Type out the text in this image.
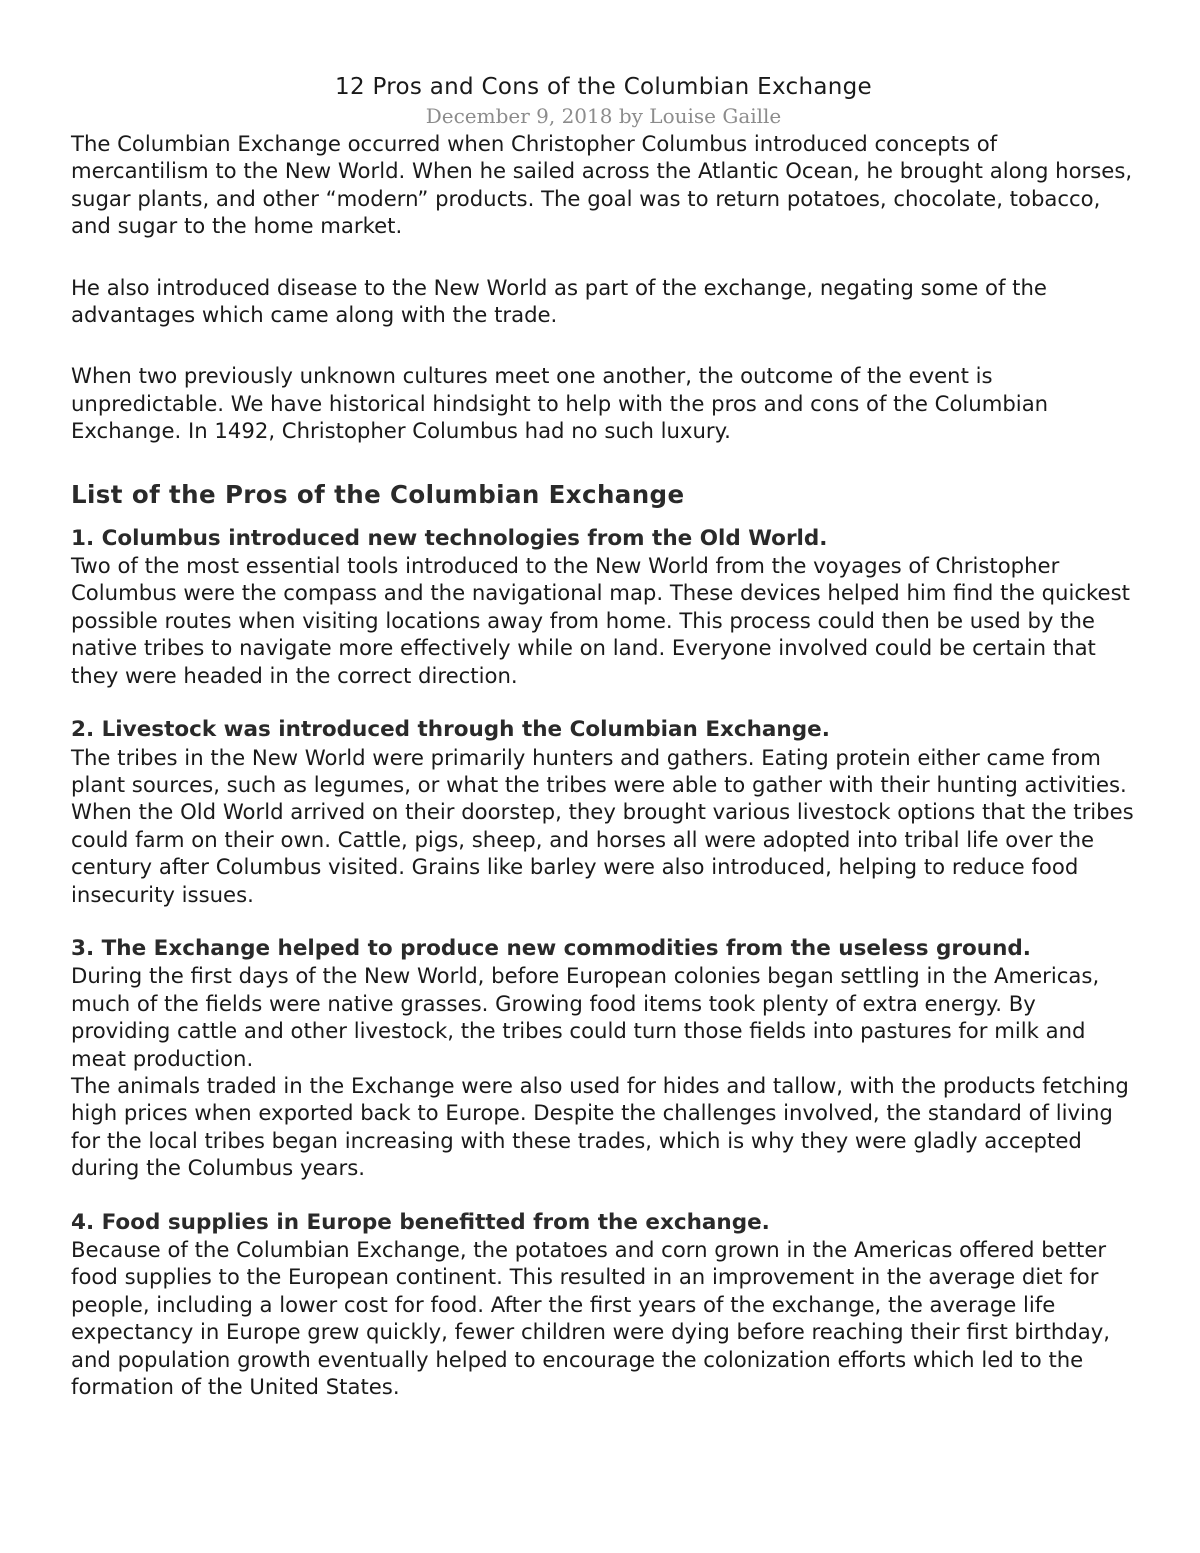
12 Pros and Cons of the Columbian Exchange

December 9, 2018 by Louise Gaille

The Columbian Exchange occurred when Christopher Columbus introduced concepts of mercantilism to the New World. When he sailed across the Atlantic Ocean, he brought along horses, sugar plants, and other “modern” products. The goal was to return potatoes, chocolate, tobacco, and sugar to the home market.

He also introduced disease to the New World as part of the exchange, negating some of the advantages which came along with the trade.

When two previously unknown cultures meet one another, the outcome of the event is unpredictable. We have historical hindsight to help with the pros and cons of the Columbian Exchange. In 1492, Christopher Columbus had no such luxury.

List of the Pros of the Columbian Exchange
1. Columbus introduced new technologies from the Old World.

Two of the most essential tools introduced to the New World from the voyages of Christopher Columbus were the compass and the navigational map. These devices helped him find the quickest possible routes when visiting locations away from home. This process could then be used by the native tribes to navigate more effectively while on land. Everyone involved could be certain that they were headed in the correct direction.

2. Livestock was introduced through the Columbian Exchange.

The tribes in the New World were primarily hunters and gathers. Eating protein either came from plant sources, such as legumes, or what the tribes were able to gather with their hunting activities. When the Old World arrived on their doorstep, they brought various livestock options that the tribes could farm on their own. Cattle, pigs, sheep, and horses all were adopted into tribal life over the century after Columbus visited. Grains like barley were also introduced, helping to reduce food insecurity issues.

3. The Exchange helped to produce new commodities from the useless ground.

During the first days of the New World, before European colonies began settling in the Americas, much of the fields were native grasses. Growing food items took plenty of extra energy. By providing cattle and other livestock, the tribes could turn those fields into pastures for milk and meat production.

The animals traded in the Exchange were also used for hides and tallow, with the products fetching high prices when exported back to Europe. Despite the challenges involved, the standard of living for the local tribes began increasing with these trades, which is why they were gladly accepted during the Columbus years.

4. Food supplies in Europe benefitted from the exchange.

Because of the Columbian Exchange, the potatoes and corn grown in the Americas offered better food supplies to the European continent. This resulted in an improvement in the average diet for people, including a lower cost for food. After the first years of the exchange, the average life expectancy in Europe grew quickly, fewer children were dying before reaching their first birthday, and population growth eventually helped to encourage the colonization efforts which led to the formation of the United States.
